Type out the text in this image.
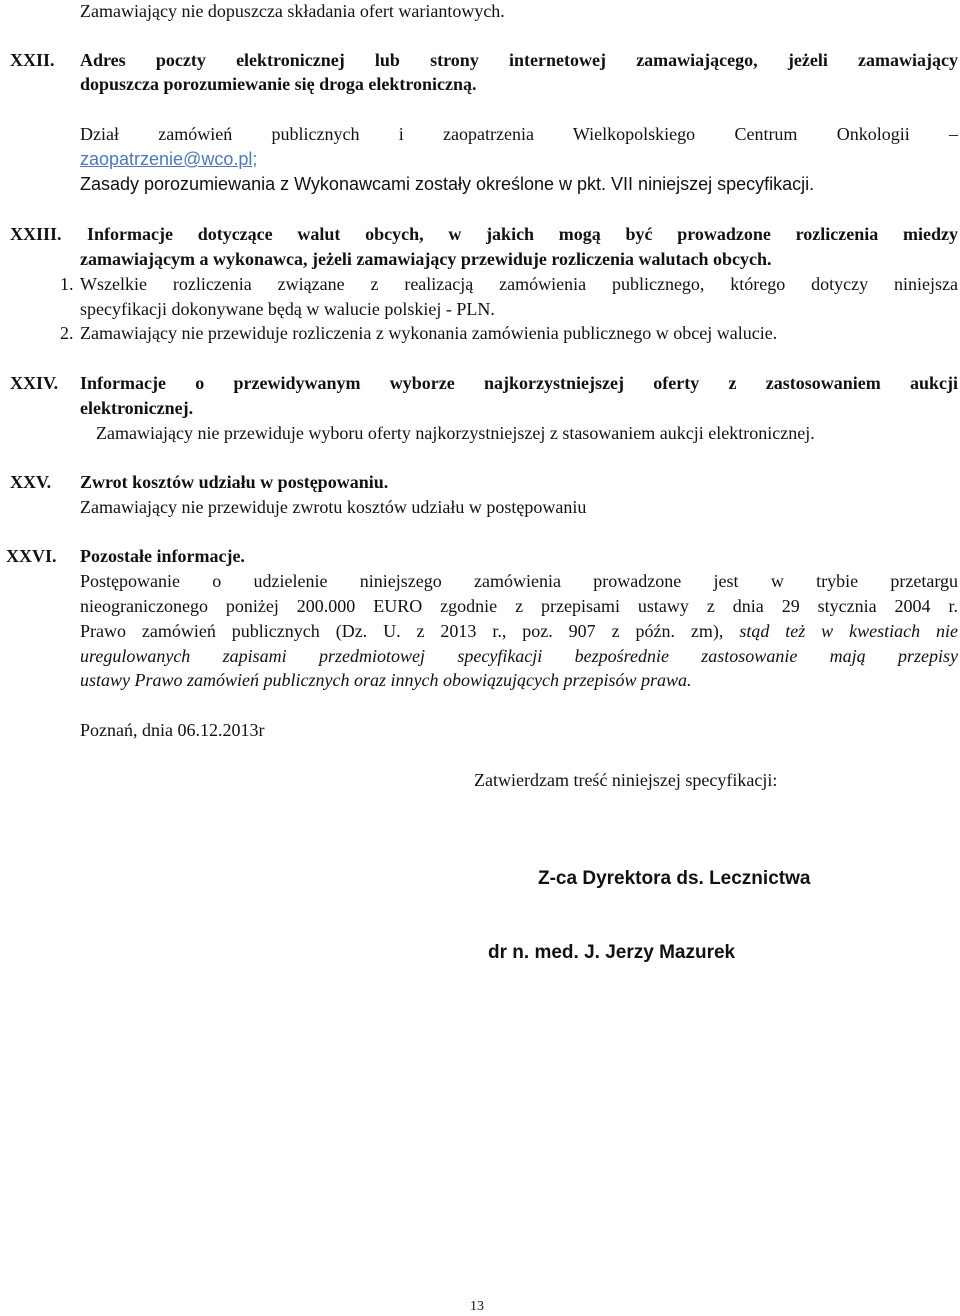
Zamawiający nie dopuszcza składania ofert wariantowych.
XXII. Adres poczty elektronicznej lub strony internetowej zamawiającego, jeżeli zamawiający
dopuszcza porozumiewanie się droga elektroniczną.
Dział zamówień publicznych i zaopatrzenia Wielkopolskiego Centrum Onkologii –
zaopatrzenie@wco.pl;
Zasady porozumiewania z Wykonawcami zostały określone w pkt. VII niniejszej specyfikacji.
XXIII. Informacje dotyczące walut obcych, w jakich mogą być prowadzone rozliczenia miedzy
zamawiającym a wykonawca, jeżeli zamawiający przewiduje rozliczenia walutach obcych.
1. Wszelkie rozliczenia związane z realizacją zamówienia publicznego, którego dotyczy niniejsza
specyfikacji dokonywane będą w walucie polskiej - PLN.
2. Zamawiający nie przewiduje rozliczenia z wykonania zamówienia publicznego w obcej walucie.
XXIV. Informacje o przewidywanym wyborze najkorzystniejszej oferty z zastosowaniem aukcji
elektronicznej.
Zamawiający nie przewiduje wyboru oferty najkorzystniejszej z stasowaniem aukcji elektronicznej.
XXV. Zwrot kosztów udziału w postępowaniu.
Zamawiający nie przewiduje zwrotu kosztów udziału w postępowaniu
XXVI. Pozostałe informacje.
Postępowanie o udzielenie niniejszego zamówienia prowadzone jest w trybie przetargu
nieograniczonego poniżej 200.000 EURO zgodnie z przepisami ustawy z dnia 29 stycznia 2004 r.
Prawo zamówień publicznych (Dz. U. z 2013 r., poz. 907 z późn. zm), stąd też w kwestiach nie
uregulowanych zapisami przedmiotowej specyfikacji bezpośrednie zastosowanie mają przepisy
ustawy Prawo zamówień publicznych oraz innych obowiązujących przepisów prawa.
Poznań, dnia 06.12.2013r
Zatwierdzam treść niniejszej specyfikacji:
Z-ca Dyrektora ds. Lecznictwa
dr n. med. J. Jerzy Mazurek
13
